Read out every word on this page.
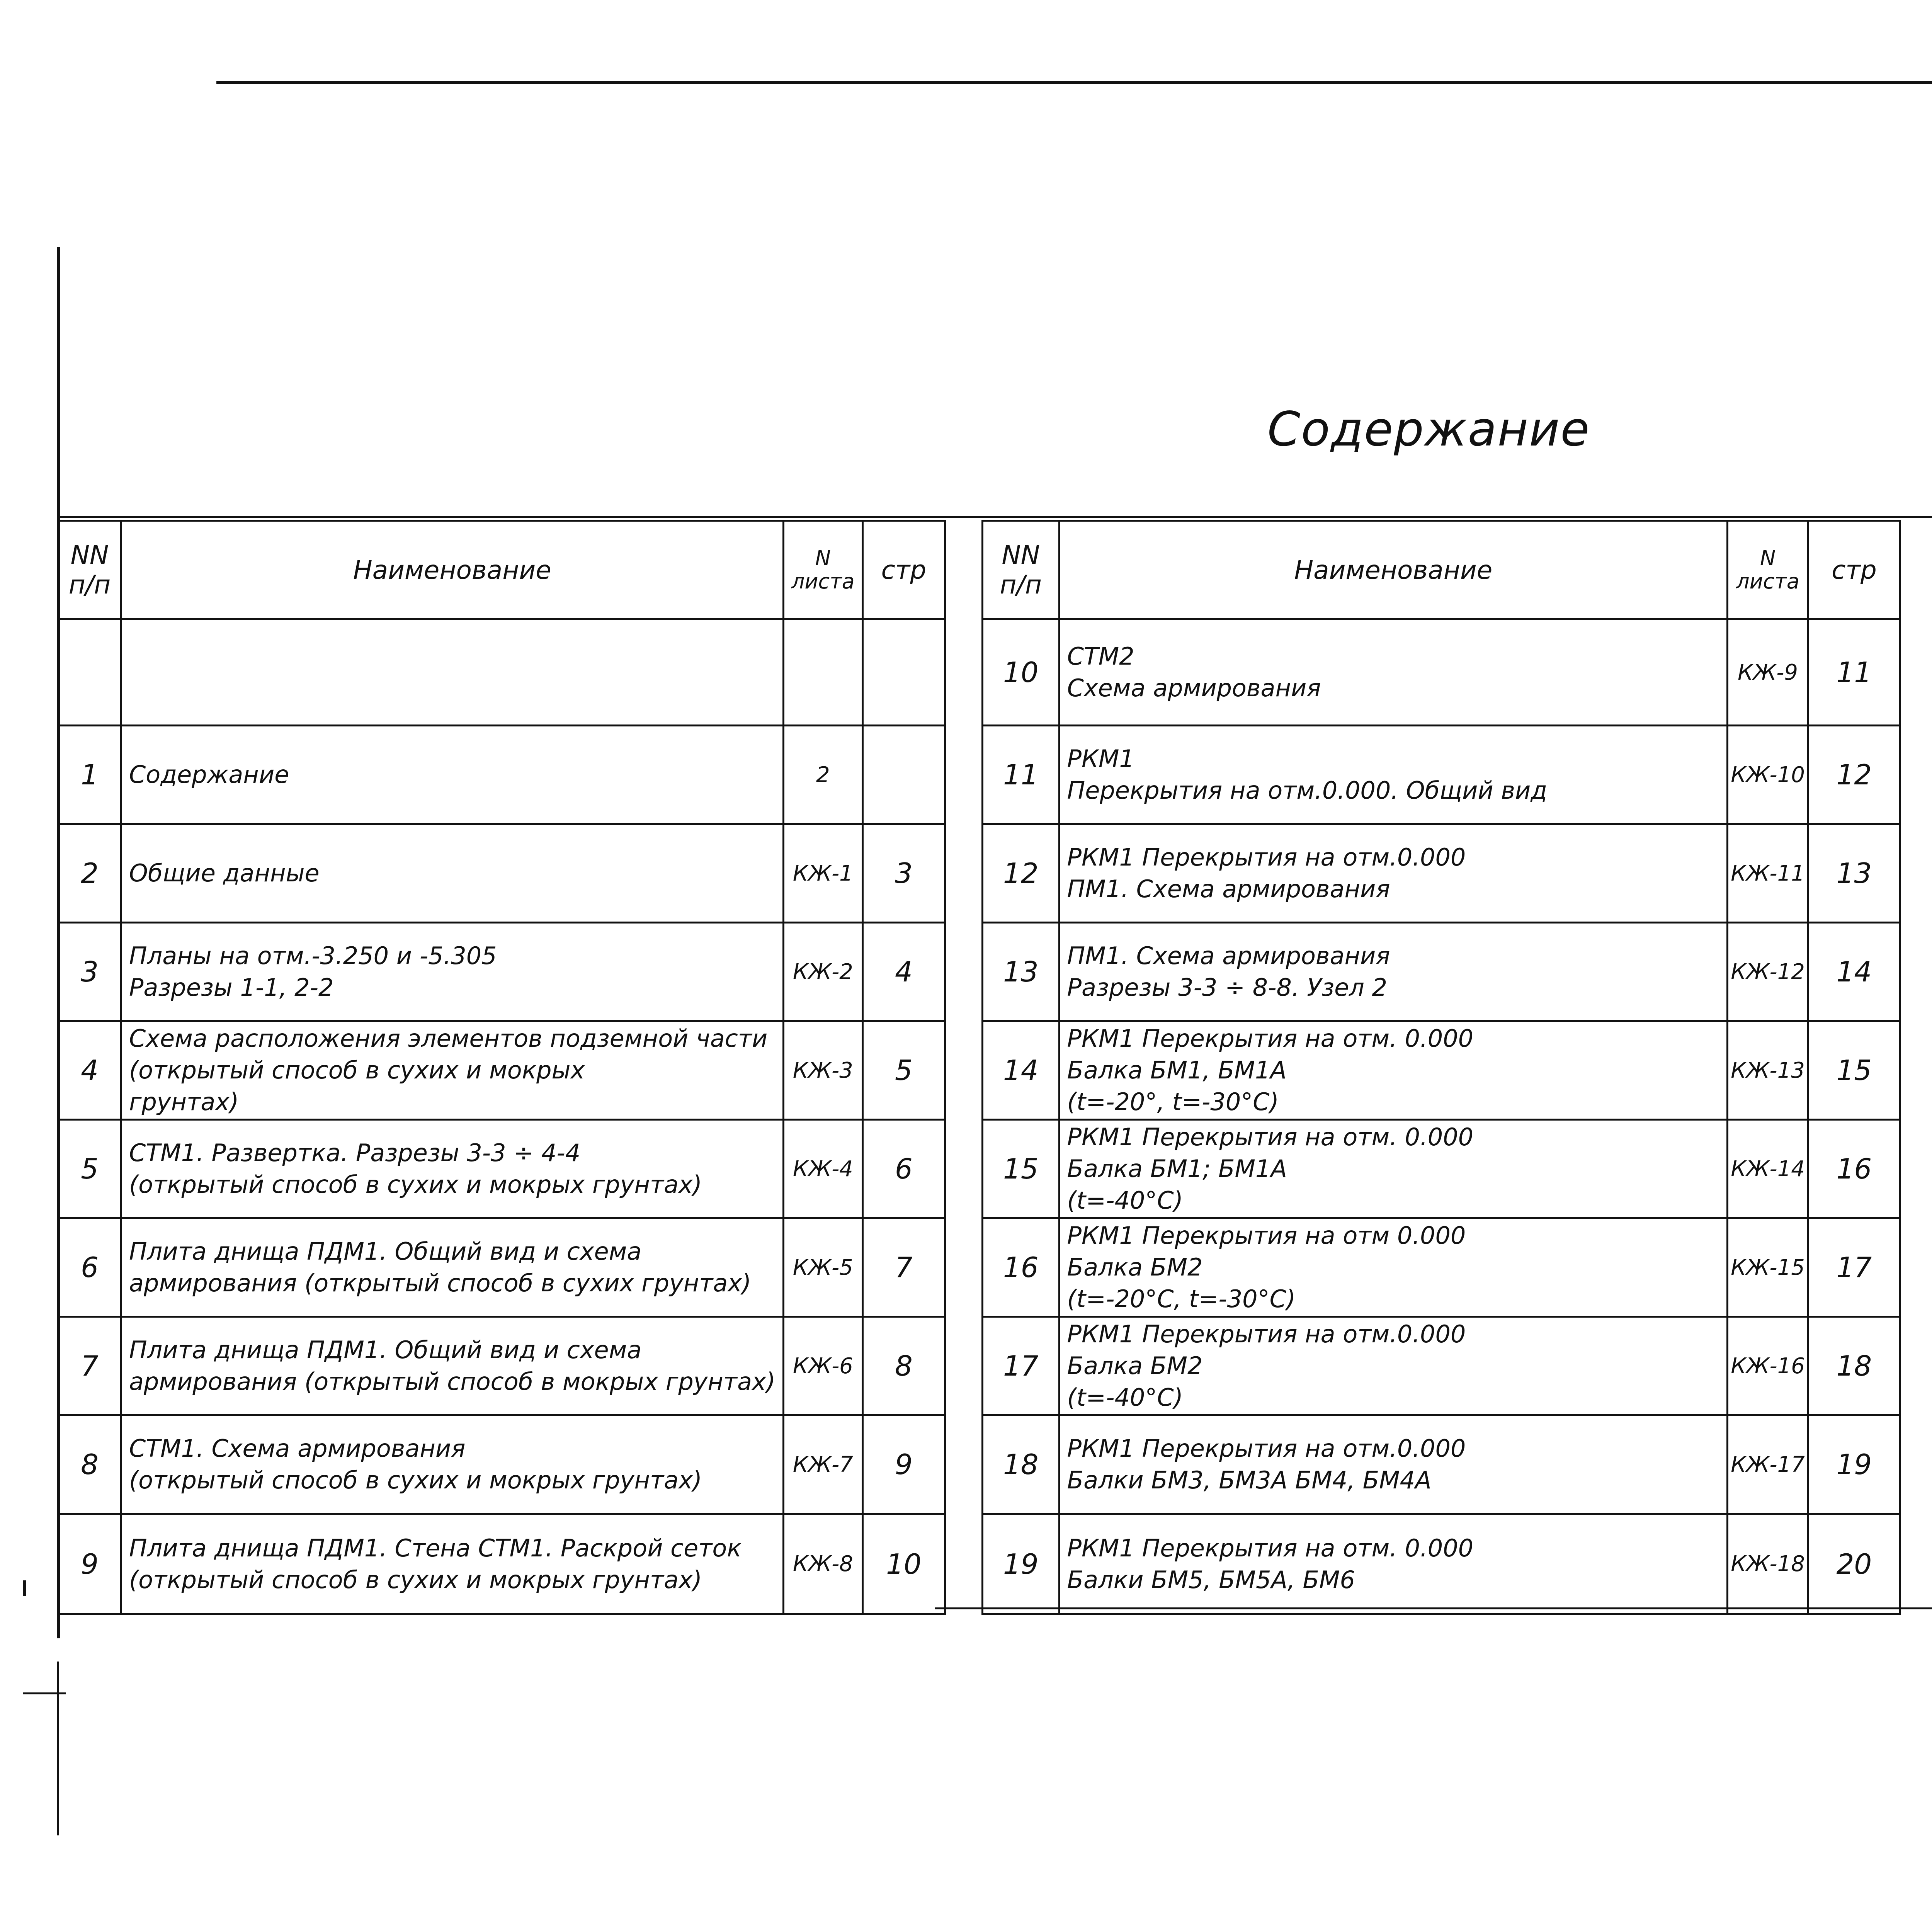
Содержание
NN п/п	Наименование	N листа	стр

1	Содержание	2	
2	Общие данные	КЖ-1	3
3	Планы на отм.-3.250 и -5.305
Разрезы 1-1, 2-2	КЖ-2	4
4	Схема расположения элементов подземной части
(открытый способ в сухих и мокрых
грунтах)	КЖ-3	5
5	СТМ1. Развертка. Разрезы 3-3 ÷ 4-4
(открытый способ в сухих и мокрых грунтах)	КЖ-4	6
6	Плита днища ПДМ1. Общий вид и схема
армирования (открытый способ в сухих грунтах)	КЖ-5	7
7	Плита днища ПДМ1. Общий вид и схема
армирования (открытый способ в мокрых грунтах)	КЖ-6	8
8	СТМ1. Схема армирования
(открытый способ в сухих и мокрых грунтах)	КЖ-7	9
9	Плита днища ПДМ1. Стена СТМ1. Раскрой сеток
(открытый способ в сухих и мокрых грунтах)	КЖ-8	10
NN п/п	Наименование	N листа	стр
10	СТМ2
Схема армирования	КЖ-9	11
11	РКМ1
Перекрытия на отм.0.000. Общий вид	КЖ-10	12
12	РКМ1 Перекрытия на отм.0.000
ПМ1. Схема армирования	КЖ-11	13
13	ПМ1. Схема армирования
Разрезы 3-3 ÷ 8-8. Узел 2	КЖ-12	14
14	РКМ1 Перекрытия на отм. 0.000
Балка БМ1, БМ1А
(t=-20°, t=-30°С)	КЖ-13	15
15	РКМ1 Перекрытия на отм. 0.000
Балка БМ1; БМ1А
(t=-40°С)	КЖ-14	16
16	РКМ1 Перекрытия на отм 0.000
Балка БМ2
(t=-20°С, t=-30°С)	КЖ-15	17
17	РКМ1 Перекрытия на отм.0.000
Балка БМ2
(t=-40°С)	КЖ-16	18
18	РКМ1 Перекрытия на отм.0.000
Балки БМ3, БМ3А БМ4, БМ4А	КЖ-17	19
19	РКМ1 Перекрытия на отм. 0.000
Балки БМ5, БМ5А, БМ6	КЖ-18	20
